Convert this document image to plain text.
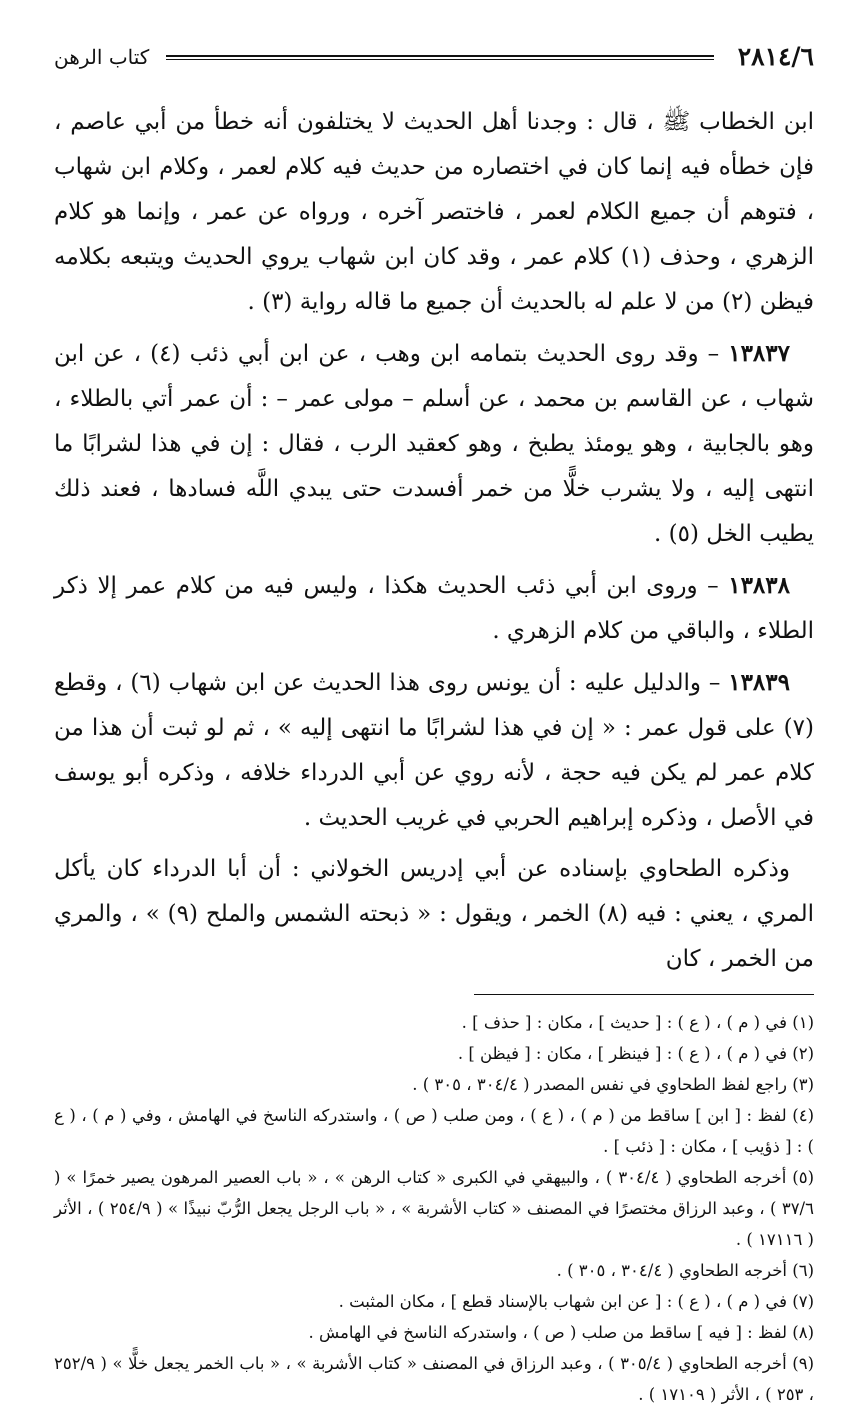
٢٨١٤/٦
كتاب الرهن

ابن الخطاب ﷺ ، قال : وجدنا أهل الحديث لا يختلفون أنه خطأ من أبي عاصم ، فإن خطأه فيه إنما كان في اختصاره من حديث فيه كلام لعمر ، وكلام ابن شهاب ، فتوهم أن جميع الكلام لعمر ، فاختصر آخره ، ورواه عن عمر ، وإنما هو كلام الزهري ، وحذف (١) كلام عمر ، وقد كان ابن شهاب يروي الحديث ويتبعه بكلامه فيظن (٢) من لا علم له بالحديث أن جميع ما قاله رواية (٣) .

١٣٨٣٧ – وقد روى الحديث بتمامه ابن وهب ، عن ابن أبي ذئب (٤) ، عن ابن شهاب ، عن القاسم بن محمد ، عن أسلم – مولى عمر – : أن عمر أتي بالطلاء ، وهو بالجابية ، وهو يومئذ يطبخ ، وهو كعقيد الرب ، فقال : إن في هذا لشرابًا ما انتهى إليه ، ولا يشرب خلًّا من خمر أفسدت حتى يبدي اللَّه فسادها ، فعند ذلك يطيب الخل (٥) .

١٣٨٣٨ – وروى ابن أبي ذئب الحديث هكذا ، وليس فيه من كلام عمر إلا ذكر الطلاء ، والباقي من كلام الزهري .

١٣٨٣٩ – والدليل عليه : أن يونس روى هذا الحديث عن ابن شهاب (٦) ، وقطع (٧) على قول عمر : « إن في هذا لشرابًا ما انتهى إليه » ، ثم لو ثبت أن هذا من كلام عمر لم يكن فيه حجة ، لأنه روي عن أبي الدرداء خلافه ، وذكره أبو يوسف في الأصل ، وذكره إبراهيم الحربي في غريب الحديث .

وذكره الطحاوي بإسناده عن أبي إدريس الخولاني : أن أبا الدرداء كان يأكل المري ، يعني : فيه (٨) الخمر ، ويقول : « ذبحته الشمس والملح (٩) » ، والمري من الخمر ، كان

(١) في ( م ) ، ( ع ) : [ حديث ] ، مكان : [ حذف ] .

(٢) في ( م ) ، ( ع ) : [ فينظر ] ، مكان : [ فيظن ] .

(٣) راجع لفظ الطحاوي في نفس المصدر ( ٣٠٤/٤ ، ٣٠٥ ) .

(٤) لفظ : [ ابن ] ساقط من ( م ) ، ( ع ) ، ومن صلب ( ص ) ، واستدركه الناسخ في الهامش ، وفي ( م ) ، ( ع ) : [ ذؤيب ] ، مكان : [ ذئب ] .

(٥) أخرجه الطحاوي ( ٣٠٤/٤ ) ، والبيهقي في الكبرى « كتاب الرهن » ، « باب العصير المرهون يصير خمرًا » ( ٣٧/٦ ) ، وعبد الرزاق مختصرًا في المصنف « كتاب الأشربة » ، « باب الرجل يجعل الرُّبّ نبيذًا » ( ٢٥٤/٩ ) ، الأثر ( ١٧١١٦ ) .

(٦) أخرجه الطحاوي ( ٣٠٤/٤ ، ٣٠٥ ) .

(٧) في ( م ) ، ( ع ) : [ عن ابن شهاب بالإسناد قطع ] ، مكان المثبت .

(٨) لفظ : [ فيه ] ساقط من صلب ( ص ) ، واستدركه الناسخ في الهامش .

(٩) أخرجه الطحاوي ( ٣٠٥/٤ ) ، وعبد الرزاق في المصنف « كتاب الأشربة » ، « باب الخمر يجعل خلًّا » ( ٢٥٢/٩ ، ٢٥٣ ) ، الأثر ( ١٧١٠٩ ) .
